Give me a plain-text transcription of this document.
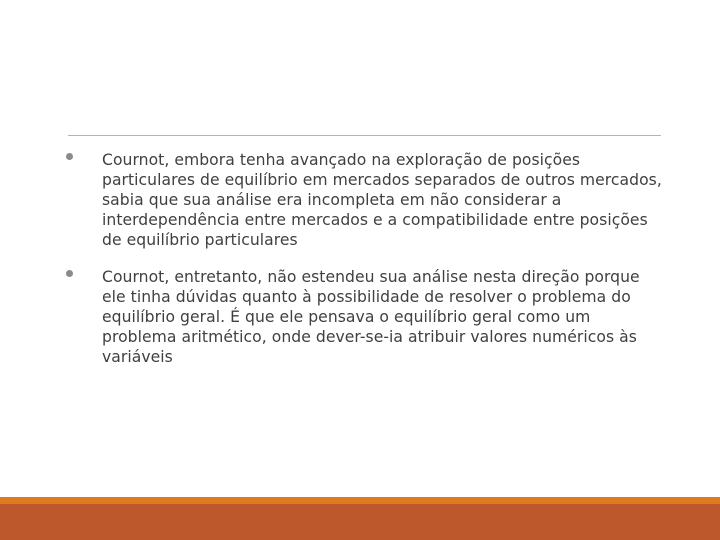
Cournot, embora tenha avançado na exploração de posições particulares de equilíbrio em mercados separados de outros mercados, sabia que sua análise era incompleta em não considerar a interdependência entre mercados e a compatibilidade entre posições de equilíbrio particulares
Cournot, entretanto, não estendeu sua análise nesta direção porque ele tinha dúvidas quanto à possibilidade de resolver o problema do equilíbrio geral. É que ele pensava o equilíbrio geral como um problema aritmético, onde dever-se-ia atribuir valores numéricos às variáveis
